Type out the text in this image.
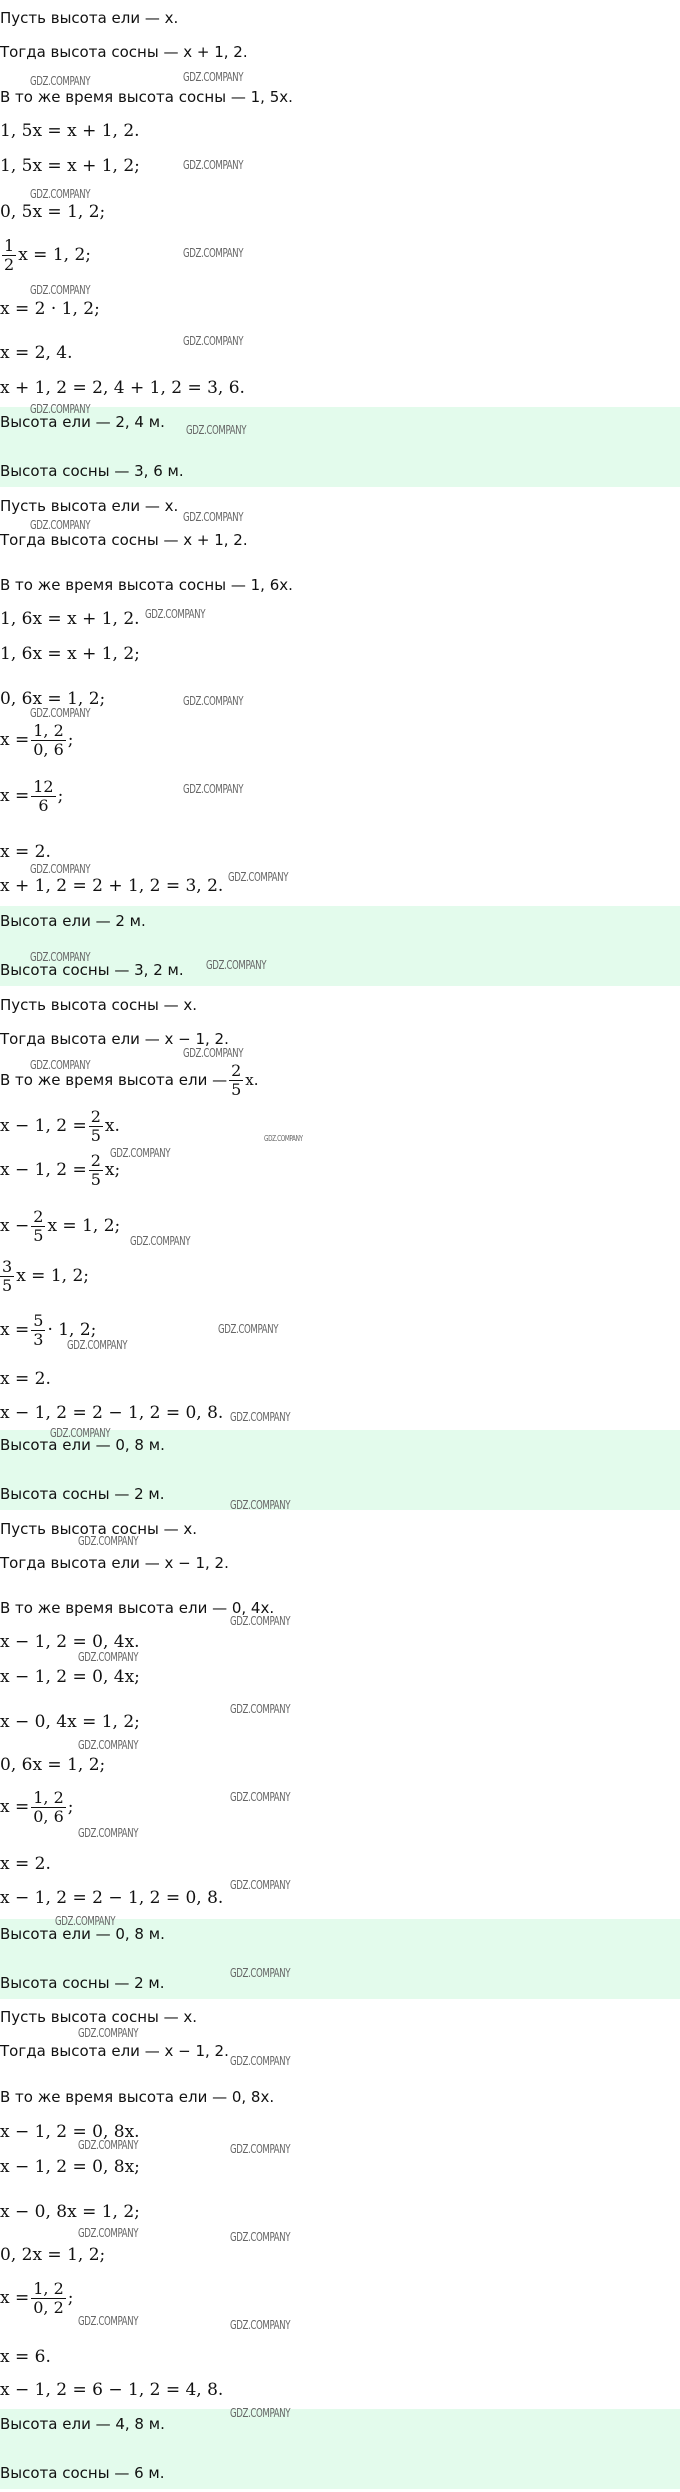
Пусть высота ели — x.
Тогда высота сосны — x + 1, 2.
В то же время высота сосны — 1, 5x.
1, 5x = x + 1, 2.
1, 5x = x + 1, 2;
0, 5x = 1, 2;
$\frac{1}{2}$ x = 1, 2;
x = 2 · 1, 2;
x = 2, 4.
x + 1, 2 = 2, 4 + 1, 2 = 3, 6.
Высота ели — 2, 4 м.
Высота сосны — 3, 6 м.
Пусть высота ели — x.
Тогда высота сосны — x + 1, 2.
В то же время высота сосны — 1, 6x.
1, 6x = x + 1, 2.
1, 6x = x + 1, 2;
0, 6x = 1, 2;
$x = \frac{1, 2}{0, 6}$ ;
$x = \frac{12}{6}$ ;
x = 2.
x + 1, 2 = 2 + 1, 2 = 3, 2.
Высота ели — 2 м.
Высота сосны — 3, 2 м.
Пусть высота сосны — x.
Тогда высота ели — x − 1, 2.
В то же время высота ели — $\frac{2}{5} x$.
x − 1, $2 = \frac{2}{5} x$.
x − 1, $2 = \frac{2}{5} x$;
$x - \frac{2}{5}$ x = 1, 2;
$\frac{3}{5}$ x = 1, 2;
$x = \frac{5}{3} \cdot 1$, 2;
x = 2.
x − 1, 2 = 2 − 1, 2 = 0, 8.
Высота ели — 0, 8 м.
Высота сосны — 2 м.
Пусть высота сосны — x.
Тогда высота ели — x − 1, 2.
В то же время высота ели — 0, 4x.
x − 1, 2 = 0, 4x.
x − 1, 2 = 0, 4x;
x − 0, 4x = 1, 2;
0, 6x = 1, 2;
$x = \frac{1, 2}{0, 6}$ ;
x = 2.
x − 1, 2 = 2 − 1, 2 = 0, 8.
Высота ели — 0, 8 м.
Высота сосны — 2 м.
Пусть высота сосны — x.
Тогда высота ели — x − 1, 2.
В то же время высота ели — 0, 8x.
x − 1, 2 = 0, 8x.
x − 1, 2 = 0, 8x;
x − 0, 8x = 1, 2;
0, 2x = 1, 2;
$x = \frac{1, 2}{0, 2}$ ;
x = 6.
x − 1, 2 = 6 − 1, 2 = 4, 8.
Высота ели — 4, 8 м.
Высота сосны — 6 м.
GDZ.COMPANY	GDZ.COMPANY
GDZ.COMPANY
GDZ.COMPANY
GDZ.COMPANY
GDZ.COMPANY
GDZ.COMPANY
GDZ.COMPANY
GDZ.COMPANY
GDZ.COMPANY
GDZ.COMPANY
GDZ.COMPANY
GDZ.COMPANY
GDZ.COMPANY
GDZ.COMPANY
GDZ.COMPANY
GDZ.COMPANY
GDZ.COMPANY
GDZ.COMPANY
GDZ.COMPANY
GDZ.COMPANY
GDZ.COMPANY
GDZ.COMPANY
GDZ.COMPANY
GDZ.COMPANY
GDZ.COMPANY
GDZ.COMPANY
GDZ.COMPANY
GDZ.COMPANY
GDZ.COMPANY
GDZ.COMPANY
GDZ.COMPANY
GDZ.COMPANY
GDZ.COMPANY
GDZ.COMPANY
GDZ.COMPANY
GDZ.COMPANY
GDZ.COMPANY
GDZ.COMPANY
GDZ.COMPANY
GDZ.COMPANY
GDZ.COMPANY	GDZ.COMPANY
GDZ.COMPANY	GDZ.COMPANY
GDZ.COMPANY	GDZ.COMPANY
GDZ.COMPANY
